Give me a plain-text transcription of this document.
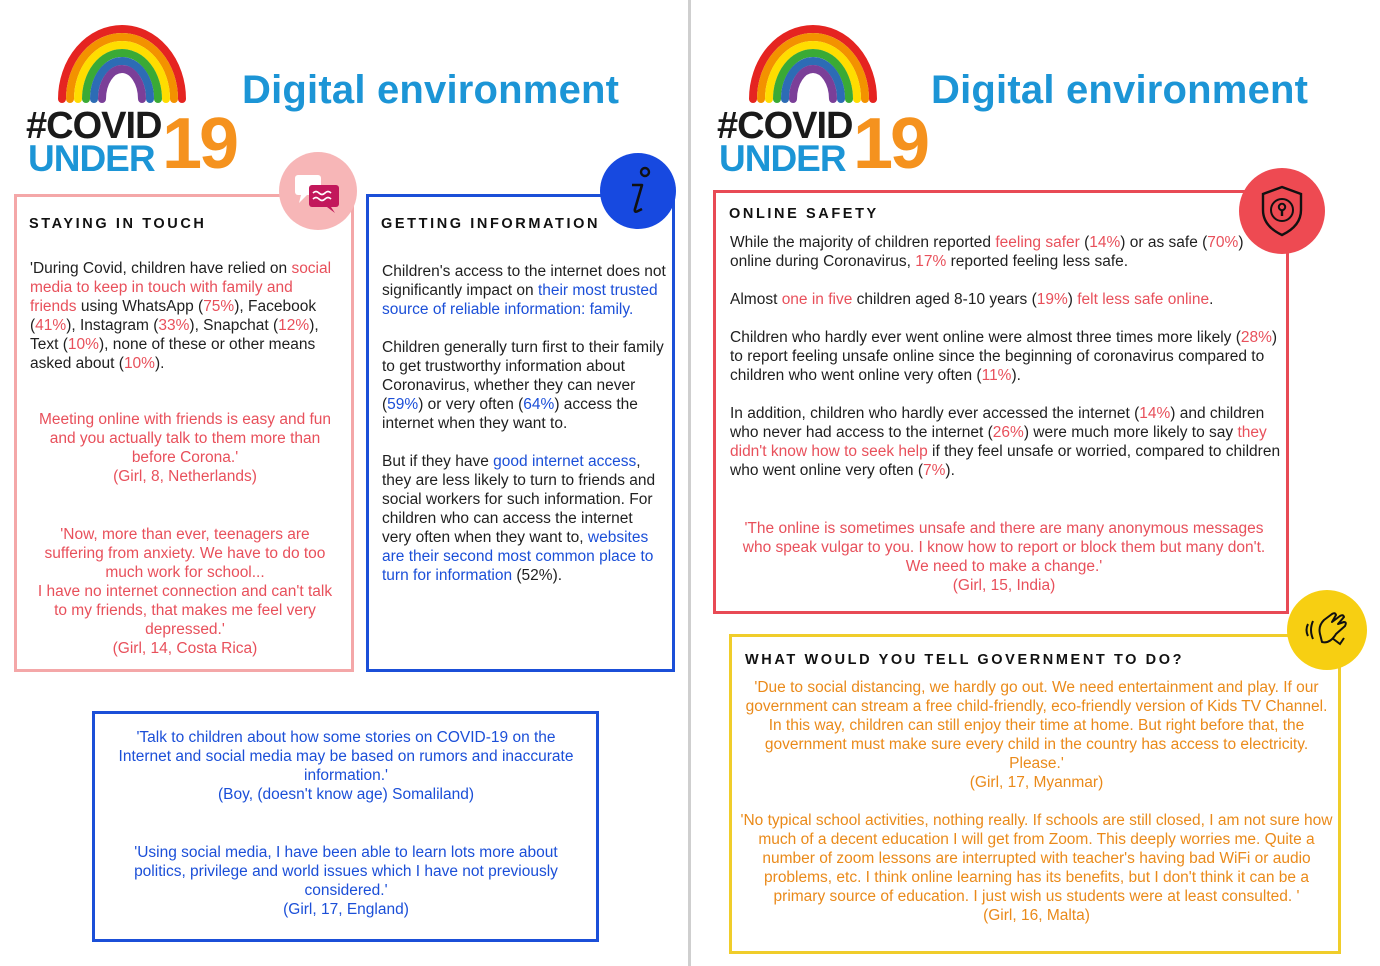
#COVID
UNDER 19
Digital environment
STAYING IN TOUCH

'During Covid, children have relied on social media to keep in touch with family and friends using WhatsApp (75%), Facebook (41%), Instagram (33%), Snapchat (12%), Text (10%), none of these or other means asked about (10%).

Meeting online with friends is easy and fun and you actually talk to them more than before Corona.'

(Girl, 8, Netherlands)

'Now, more than ever, teenagers are suffering from anxiety. We have to do too much work for school...

I have no internet connection and can't talk to my friends, that makes me feel very depressed.'

(Girl, 14, Costa Rica)

GETTING INFORMATION

Children's access to the internet does not significantly impact on their most trusted source of reliable information: family.

Children generally turn first to their family to get trustworthy information about Coronavirus, whether they can never (59%) or very often (64%) access the internet when they want to.

But if they have good internet access, they are less likely to turn to friends and social workers for such information. For children who can access the internet very often when they want to, websites are their second most common place to turn for information (52%).

'Talk to children about how some stories on COVID-19 on the Internet and social media may be based on rumors and inaccurate information.'

(Boy, (doesn't know age) Somaliland)

'Using social media, I have been able to learn lots more about politics, privilege and world issues which I have not previously considered.'

(Girl, 17, England)

#COVID
UNDER 19
Digital environment
ONLINE SAFETY

While the majority of children reported feeling safer (14%) or as safe (70%) online during Coronavirus, 17% reported feeling less safe.

Almost one in five children aged 8-10 years (19%) felt less safe online.

Children who hardly ever went online were almost three times more likely (28%) to report feeling unsafe online since the beginning of coronavirus compared to children who went online very often (11%).

In addition, children who hardly ever accessed the internet (14%) and children who never had access to the internet (26%) were much more likely to say they didn't know how to seek help if they feel unsafe or worried, compared to children who went online very often (7%).

'The online is sometimes unsafe and there are many anonymous messages who speak vulgar to you. I know how to report or block them but many don't. We need to make a change.'

(Girl, 15, India)

WHAT WOULD YOU TELL GOVERNMENT TO DO?

'Due to social distancing, we hardly go out. We need entertainment and play. If our government can stream a free child-friendly, eco-friendly version of Kids TV Channel. In this way, children can still enjoy their time at home. But right before that, the government must make sure every child in the country has access to electricity. Please.'

(Girl, 17, Myanmar)

'No typical school activities, nothing really. If schools are still closed, I am not sure how much of a decent education I will get from Zoom. This deeply worries me. Quite a number of zoom lessons are interrupted with teacher's having bad WiFi or audio problems, etc. I think online learning has its benefits, but I don't think it can be a primary source of education. I just wish us students were at least consulted. '

(Girl, 16, Malta)
